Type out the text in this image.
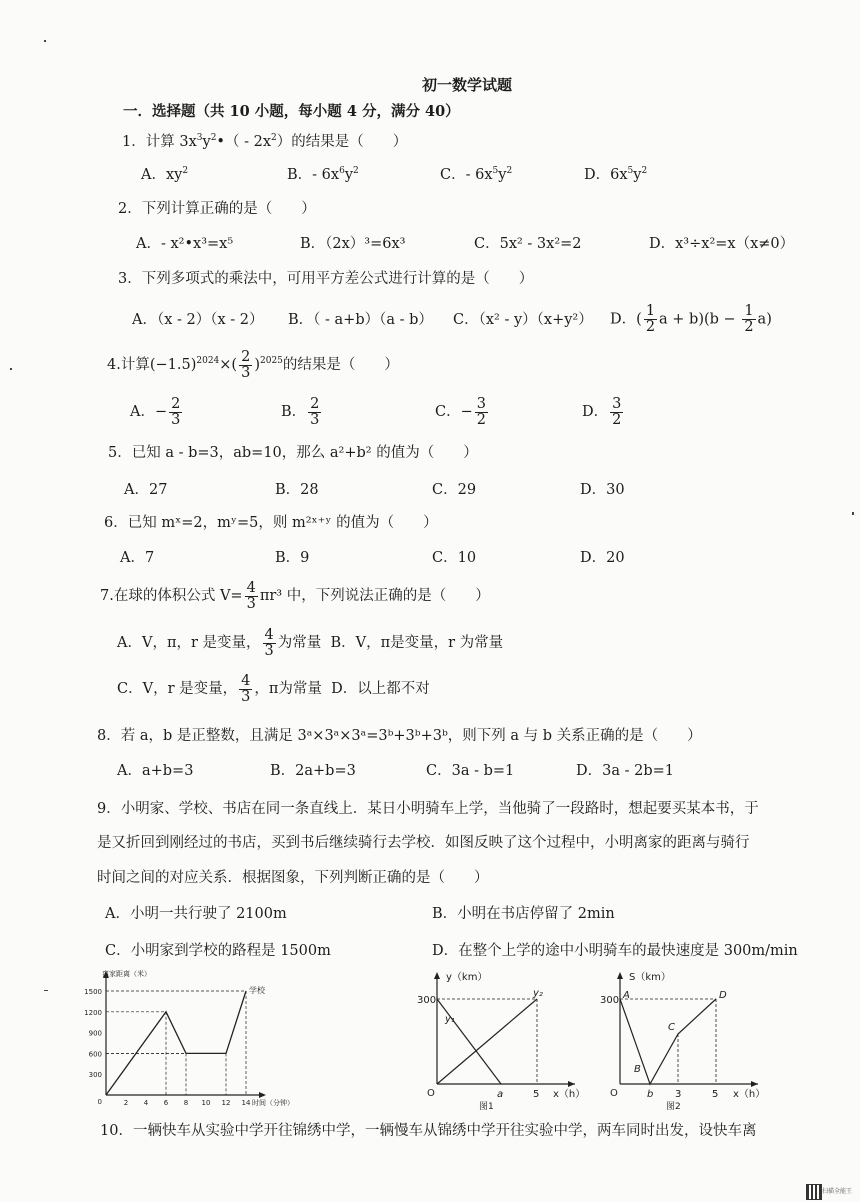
初一数学试题
一．选择题（共 10 小题，每小题 4 分，满分 40）
1．计算 $3x^3y^2•( - 2x^2)$的结果是（　　）
A．$xy^2$	B．- $6x^6y^2$	C．- $6x^5y^2$	D．$6x^5y^2$
2．下列计算正确的是（　　）
A．- x²•x³=x⁵	B．（2x）³=6x³	C．5x² - 3x²=2	D．x³÷x²=x（x≠0）
3．下列多项式的乘法中，可用平方差公式进行计算的是（　　）
A．（x - 2）（x - 2） B．（ - a+b）（a - b） C．（x² - y）（x+y²） D．( $\frac{1}{2}$ $a + b)(b - \frac{1}{2} a)$
4.计算$(-1.5)^{2024}\times( \frac{2}{3} )^{2025}$的结果是（　　）
A．− $\frac{2}{3}$	B． $\frac{2}{3}$	C．− $\frac{3}{2}$	D． $\frac{3}{2}$
5．已知 a - b=3，ab=10，那么 a²+b² 的值为（　　）
A．27	B．28	C．29	D．30
6．已知 mˣ=2，mʸ=5，则 m²ˣ⁺ʸ 的值为（　　）
A．7	B．9	C．10	D．20
7.在球的体积公式 $V= \frac{4}{3} \pi r^3$ 中，下列说法正确的是（　　）
A．V，π，r 是变量， $\frac{4}{3}$ 为常量 B．V，π是变量，r 为常量
C．V，r 是变量， $\frac{4}{3}$ ，π为常量 D．以上都不对
8．若 a，b 是正整数，且满足 3ᵃ×3ᵃ×3ᵃ=3ᵇ+3ᵇ+3ᵇ，则下列 a 与 b 关系正确的是（　　）
A．a+b=3	B．2a+b=3	C．3a - b=1	D．3a - 2b=1
9．小明家、学校、书店在同一条直线上．某日小明骑车上学，当他骑了一段路时，想起要买某本书，于
是又折回到刚经过的书店，买到书后继续骑行去学校．如图反映了这个过程中，小明离家的距离与骑行
时间之间的对应关系．根据图象，下列判断正确的是（　　）
A．小明一共行驶了 2100m	B．小明在书店停留了 2min
C．小明家到学校的路程是 1500m	D．在整个上学的途中小明骑车的最快速度是 300m/min
300
600
900
1200
1500
2 4 6 8 10 12 14
0
离家距离（米）
时间（分钟）
学校
y（km）
300
O	a	5 x（h）
y₁
y₂
图1
S（km）
300
O	b 3	5 x（h）
A
B
C
D
图2
10．一辆快车从实验中学开往锦绣中学，一辆慢车从锦绣中学开往实验中学，两车同时出发，设快车离
扫描全能王
